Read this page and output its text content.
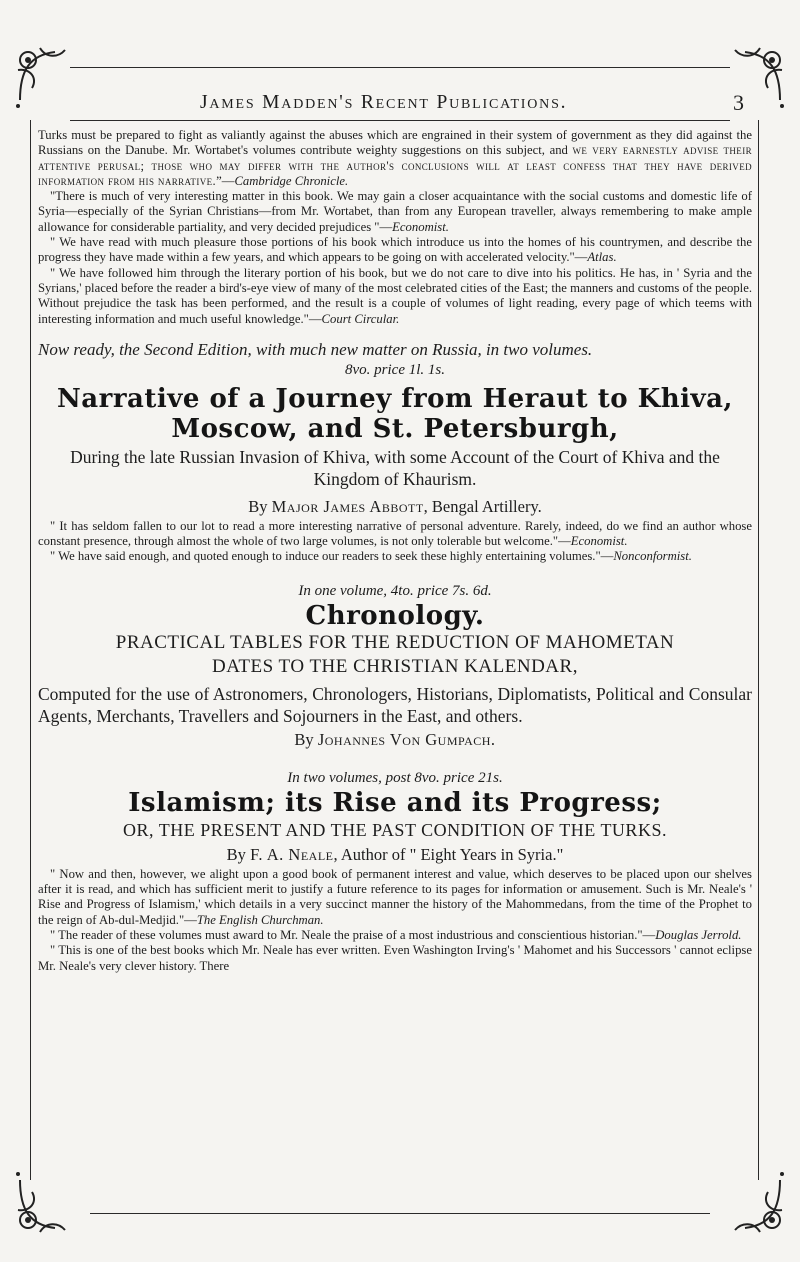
James Madden's Recent Publications.	3

Turks must be prepared to fight as valiantly against the abuses which are engrained in their system of government as they did against the Russians on the Danube. Mr. Wortabet's volumes contribute weighty suggestions on this subject, and we very earnestly advise their attentive perusal; those who may differ with the author's conclusions will at least confess that they have derived information from his narrative.”—Cambridge Chronicle.

"There is much of very interesting matter in this book. We may gain a closer acquaintance with the social customs and domestic life of Syria—especially of the Syrian Christians—from Mr. Wortabet, than from any European traveller, always remembering to make ample allowance for considerable partiality, and very decided prejudices "—Economist.

" We have read with much pleasure those portions of his book which introduce us into the homes of his countrymen, and describe the progress they have made within a few years, and which appears to be going on with accelerated velocity."—Atlas.

" We have followed him through the literary portion of his book, but we do not care to dive into his politics. He has, in ' Syria and the Syrians,' placed before the reader a bird's-eye view of many of the most celebrated cities of the East; the manners and customs of the people. Without prejudice the task has been performed, and the result is a couple of volumes of light reading, every page of which teems with interesting information and much useful knowledge."—Court Circular.

Now ready, the Second Edition, with much new matter on Russia, in two volumes.

8vo. price 1l. 1s.

Narrative of a Journey from Heraut to Khiva,

Moscow, and St. Petersburgh,

During the late Russian Invasion of Khiva, with some Account of the Court of Khiva and the Kingdom of Khaurism.

By Major James Abbott, Bengal Artillery.

" It has seldom fallen to our lot to read a more interesting narrative of personal adventure. Rarely, indeed, do we find an author whose constant presence, through almost the whole of two large volumes, is not only tolerable but welcome."—Economist.

" We have said enough, and quoted enough to induce our readers to seek these highly entertaining volumes."—Nonconformist.

In one volume, 4to. price 7s. 6d.

Chronology.

PRACTICAL TABLES FOR THE REDUCTION OF MAHOMETAN

DATES TO THE CHRISTIAN KALENDAR,

Computed for the use of Astronomers, Chronologers, Historians, Diplomatists, Political and Consular Agents, Merchants, Travellers and Sojourners in the East, and others.

By Johannes Von Gumpach.

In two volumes, post 8vo. price 21s.

Islamism; its Rise and its Progress;

OR, THE PRESENT AND THE PAST CONDITION OF THE TURKS.

By F. A. Neale, Author of " Eight Years in Syria."

" Now and then, however, we alight upon a good book of permanent interest and value, which deserves to be placed upon our shelves after it is read, and which has sufficient merit to justify a future reference to its pages for information or amusement. Such is Mr. Neale's ' Rise and Progress of Islamism,' which details in a very succinct manner the history of the Mahommedans, from the time of the Prophet to the reign of Ab-dul-Medjid."—The English Churchman.

" The reader of these volumes must award to Mr. Neale the praise of a most industrious and conscientious historian."—Douglas Jerrold.

" This is one of the best books which Mr. Neale has ever written. Even Washington Irving's ' Mahomet and his Successors ' cannot eclipse Mr. Neale's very clever history. There
